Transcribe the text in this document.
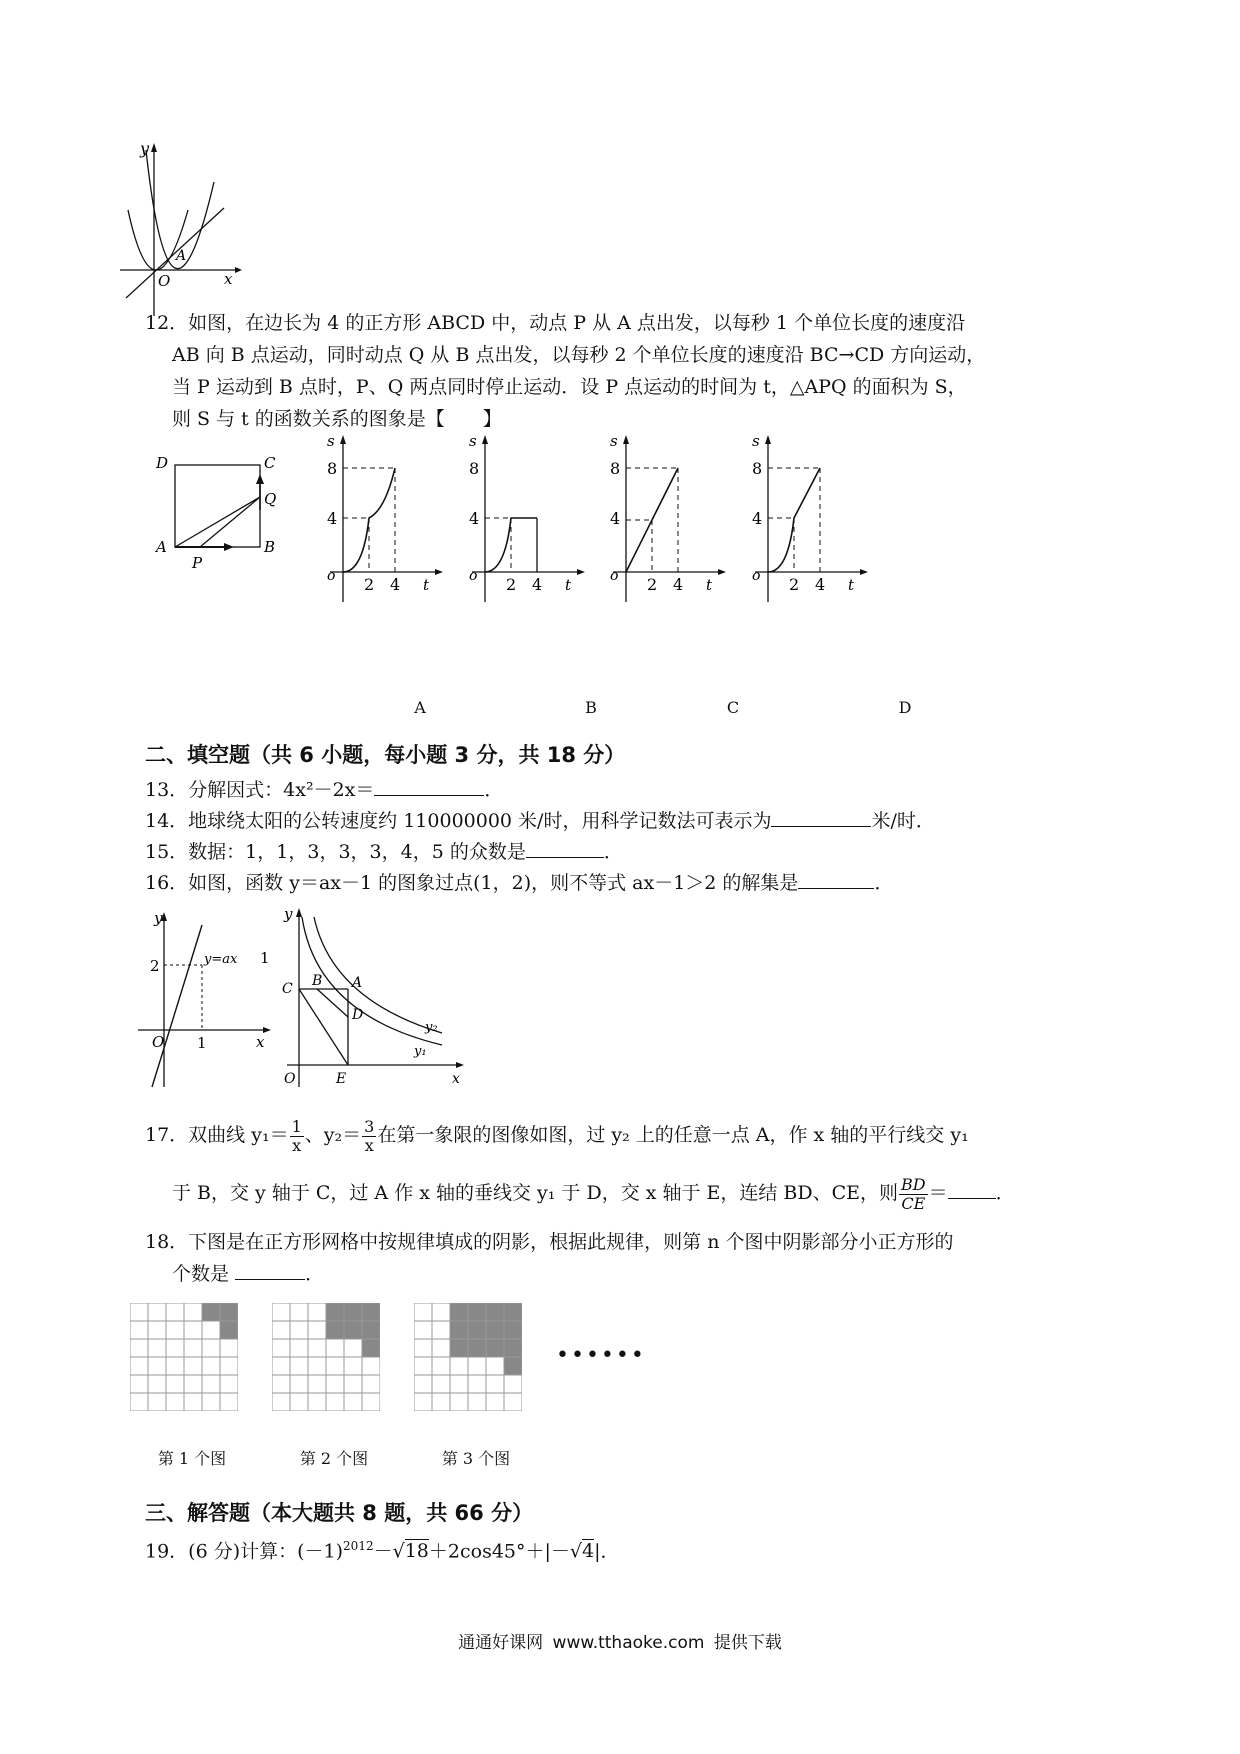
y
O	x
A
12．如图，在边长为 4 的正方形 ABCD 中，动点 P 从 A 点出发，以每秒 1 个单位长度的速度沿
AB 向 B 点运动，同时动点 Q 从 B 点出发，以每秒 2 个单位长度的速度沿 BC→CD 方向运动，
当 P 运动到 B 点时，P、Q 两点同时停止运动．设 P 点运动的时间为 t，△APQ 的面积为 S，
则 S 与 t 的函数关系的图象是【　　】
D	C
A	B
P
Q
s
8
4
o 2 4 t
s
8
4
o 2 4 t
s
8
4
o 2 4 t
s
8
4
o 2 4 t
A	B	C	D
二、填空题（共 6 小题，每小题 3 分，共 18 分）
13．分解因式：4x²－2x＝	．
14．地球绕太阳的公转速度约 110000000 米/时，用科学记数法可表示为	米/时．
15．数据：1，1，3，3，3，4，5 的众数是	．
16．如图，函数 y＝ax－1 的图象过点(1，2)，则不等式 ax－1＞2 的解集是	．
y
2	y=ax 1
O 1	x
y
C B A
D
O	E	x
y₂
y₁
17．双曲线 $y_1= \frac{1}{x}$ 、$y_2= \frac{3}{x}$ 在第一象限的图像如图，过 y₂ 上的任意一点 A，作 x 轴的平行线交 y₁
于 B，交 y 轴于 C，过 A 作 x 轴的垂线交 y₁ 于 D，交 x 轴于 E，连结 BD、CE，则 $\frac{BD}{CE}$ ＝	．
18．下图是在正方形网格中按规律填成的阴影，根据此规律，则第 n 个图中阴影部分小正方形的
个数是	．
••••••
第 1 个图	第 2 个图	第 3 个图
三、解答题（本大题共 8 题，共 66 分）
19．(6 分)计算：$(-1)^{2012}-√18+2\cos 45^\circ+|-√4|$．
通通好课网 www.tthaoke.com 提供下载
